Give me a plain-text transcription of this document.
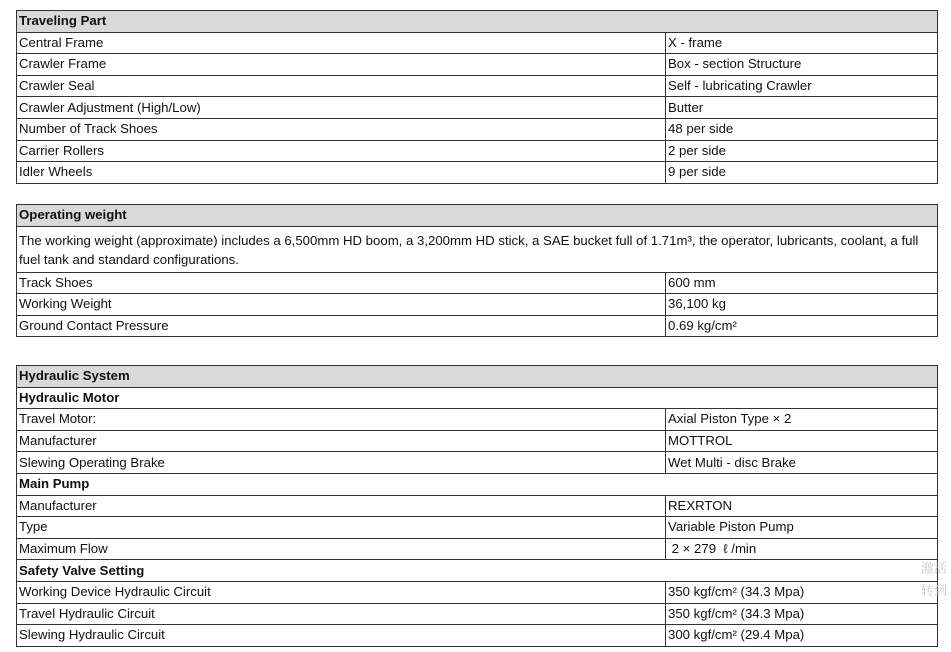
Traveling Part	
Central Frame	X - frame
Crawler Frame	Box - section Structure
Crawler Seal	Self - lubricating Crawler
Crawler Adjustment (High/Low)	Butter
Number of Track Shoes	48 per side
Carrier Rollers	2 per side
Idler Wheels	9 per side
Operating weight	
The working weight (approximate) includes a 6,500mm HD boom, a 3,200mm HD stick, a SAE bucket full of 1.71m³, the operator, lubricants, coolant, a full fuel tank and standard configurations.	
Track Shoes	600 mm
Working Weight	36,100 kg
Ground Contact Pressure	0.69 kg/cm²
Hydraulic System	
Hydraulic Motor	
Travel Motor:	Axial Piston Type × 2
Manufacturer	MOTTROL
Slewing Operating Brake	Wet Multi - disc Brake
Main Pump	
Manufacturer	REXRTON
Type	Variable Piston Pump
Maximum Flow	2 × 279  ℓ /min
Safety Valve Setting	
Working Device Hydraulic Circuit	350 kgf/cm² (34.3 Mpa)
Travel Hydraulic Circuit	350 kgf/cm² (34.3 Mpa)
Slewing Hydraulic Circuit	300 kgf/cm² (29.4 Mpa)
激活
转到
